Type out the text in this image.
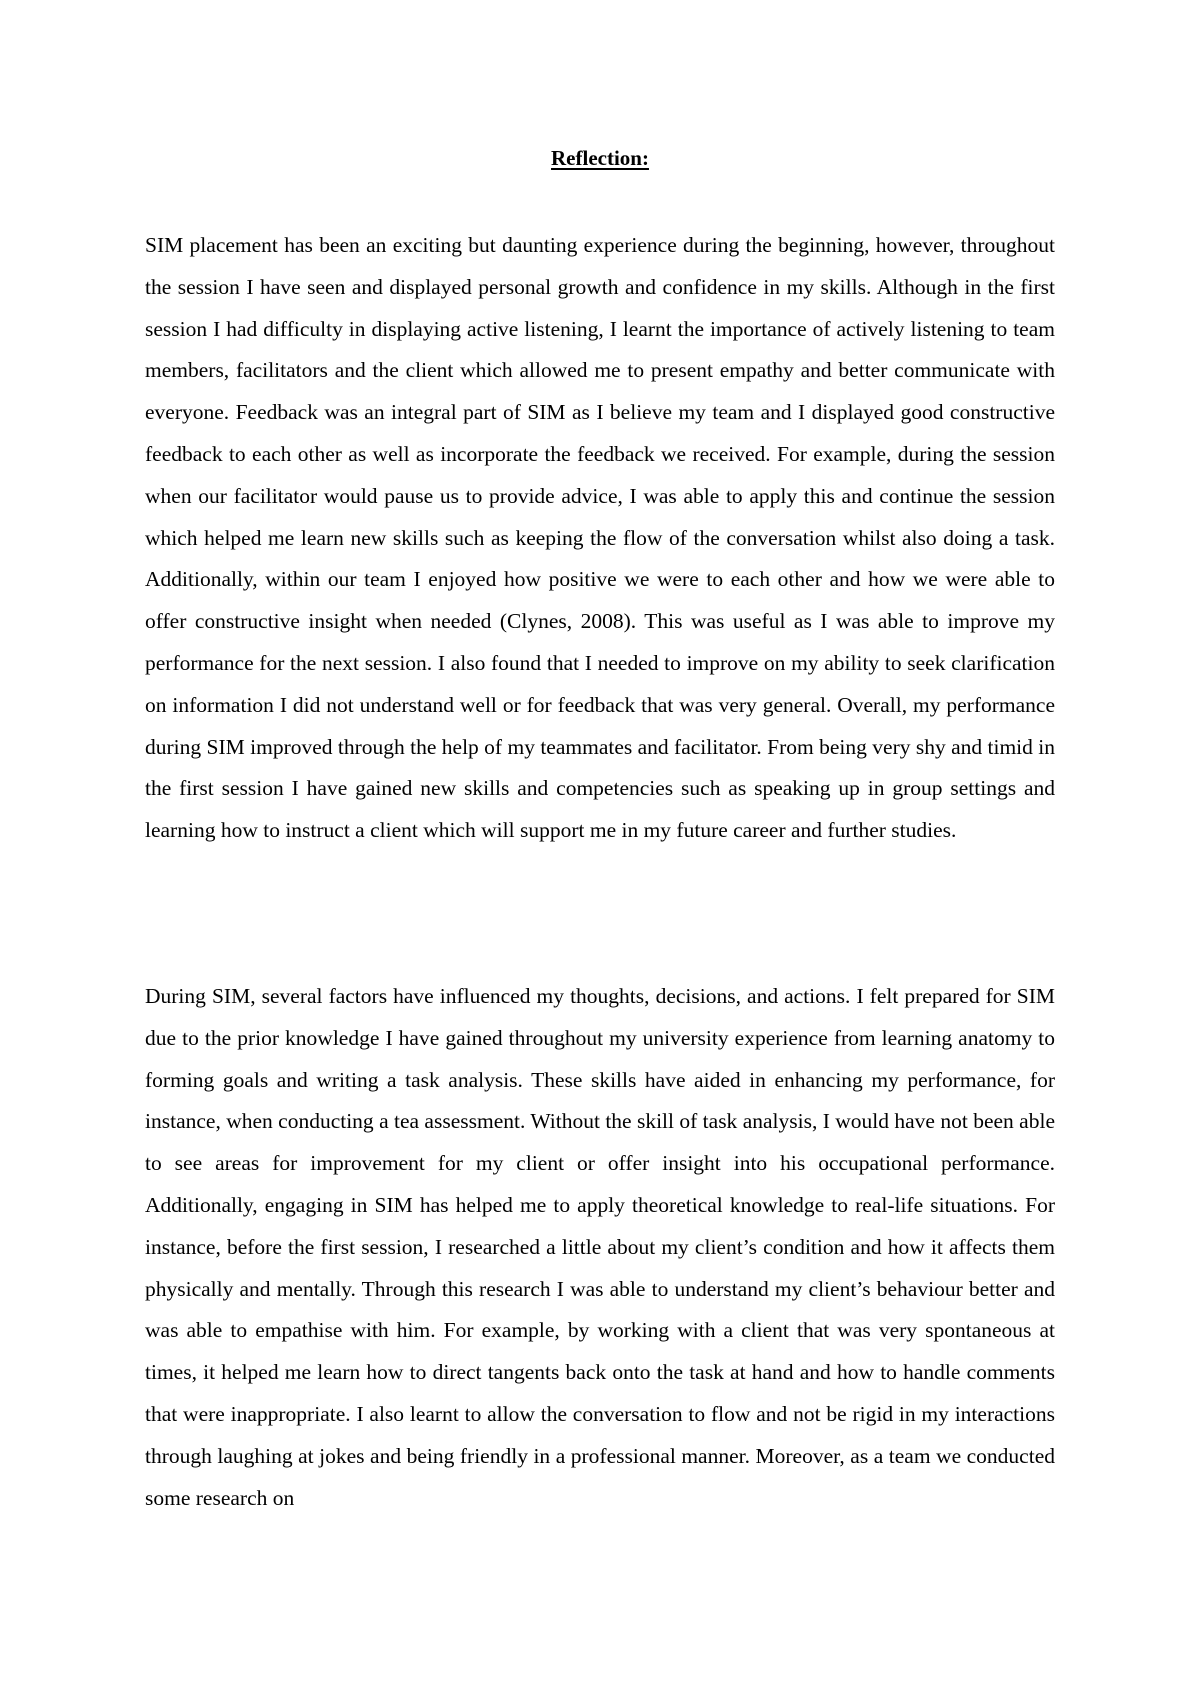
Reflection:

SIM placement has been an exciting but daunting experience during the beginning, however, throughout the session I have seen and displayed personal growth and confidence in my skills. Although in the first session I had difficulty in displaying active listening, I learnt the importance of actively listening to team members, facilitators and the client which allowed me to present empathy and better communicate with everyone. Feedback was an integral part of SIM as I believe my team and I displayed good constructive feedback to each other as well as incorporate the feedback we received. For example, during the session when our facilitator would pause us to provide advice, I was able to apply this and continue the session which helped me learn new skills such as keeping the flow of the conversation whilst also doing a task. Additionally, within our team I enjoyed how positive we were to each other and how we were able to offer constructive insight when needed (Clynes, 2008). This was useful as I was able to improve my performance for the next session. I also found that I needed to improve on my ability to seek clarification on information I did not understand well or for feedback that was very general. Overall, my performance during SIM improved through the help of my teammates and facilitator. From being very shy and timid in the first session I have gained new skills and competencies such as speaking up in group settings and learning how to instruct a client which will support me in my future career and further studies.

During SIM, several factors have influenced my thoughts, decisions, and actions. I felt prepared for SIM due to the prior knowledge I have gained throughout my university experience from learning anatomy to forming goals and writing a task analysis. These skills have aided in enhancing my performance, for instance, when conducting a tea assessment. Without the skill of task analysis, I would have not been able to see areas for improvement for my client or offer insight into his occupational performance. Additionally, engaging in SIM has helped me to apply theoretical knowledge to real-life situations. For instance, before the first session, I researched a little about my client’s condition and how it affects them physically and mentally. Through this research I was able to understand my client’s behaviour better and was able to empathise with him. For example, by working with a client that was very spontaneous at times, it helped me learn how to direct tangents back onto the task at hand and how to handle comments that were inappropriate. I also learnt to allow the conversation to flow and not be rigid in my interactions through laughing at jokes and being friendly in a professional manner. Moreover, as a team we conducted some research on
